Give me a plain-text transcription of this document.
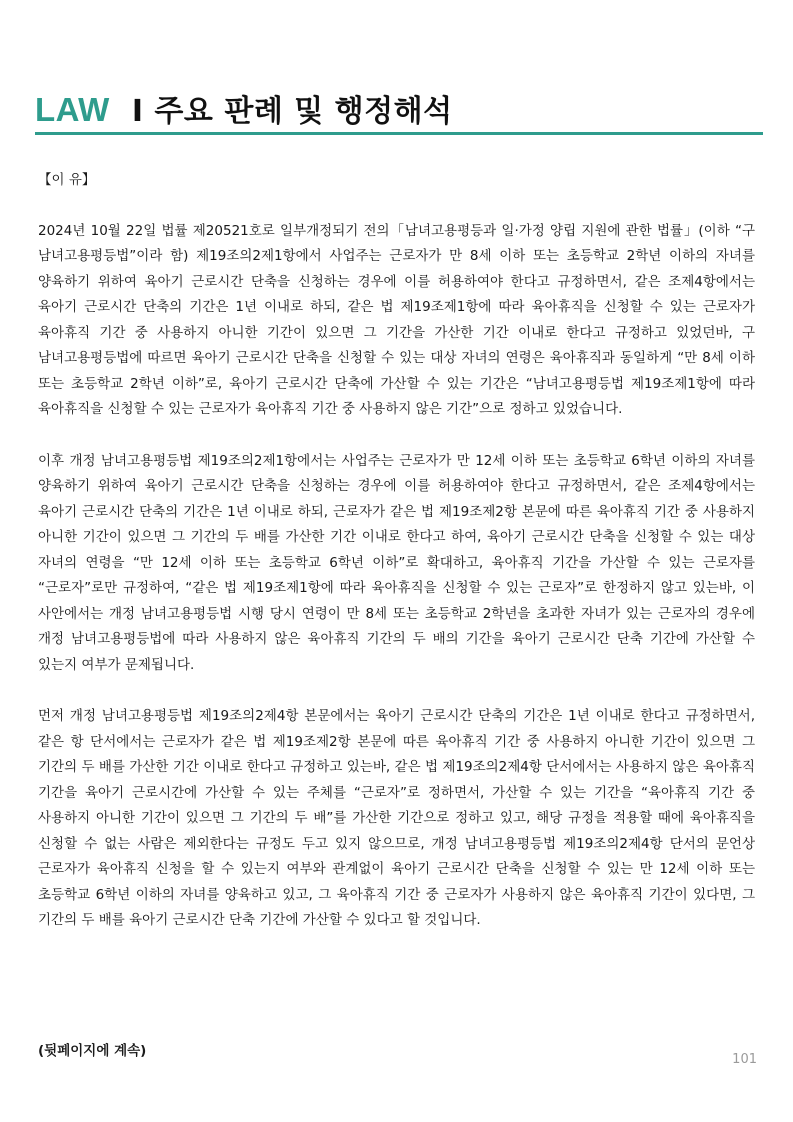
LAW I 주요 판례 및 행정해석

【이 유】

2024년 10월 22일 법률 제20521호로 일부개정되기 전의「남녀고용평등과 일·가정 양립 지원에 관한 법률」(이하 “구 남녀고용평등법”이라 함) 제19조의2제1항에서 사업주는 근로자가 만 8세 이하 또는 초등학교 2학년 이하의 자녀를 양육하기 위하여 육아기 근로시간 단축을 신청하는 경우에 이를 허용하여야 한다고 규정하면서, 같은 조제4항에서는 육아기 근로시간 단축의 기간은 1년 이내로 하되, 같은 법 제19조제1항에 따라 육아휴직을 신청할 수 있는 근로자가 육아휴직 기간 중 사용하지 아니한 기간이 있으면 그 기간을 가산한 기간 이내로 한다고 규정하고 있었던바, 구 남녀고용평등법에 따르면 육아기 근로시간 단축을 신청할 수 있는 대상 자녀의 연령은 육아휴직과 동일하게 “만 8세 이하 또는 초등학교 2학년 이하”로, 육아기 근로시간 단축에 가산할 수 있는 기간은 “남녀고용평등법 제19조제1항에 따라 육아휴직을 신청할 수 있는 근로자가 육아휴직 기간 중 사용하지 않은 기간”으로 정하고 있었습니다.

이후 개정 남녀고용평등법 제19조의2제1항에서는 사업주는 근로자가 만 12세 이하 또는 초등학교 6학년 이하의 자녀를 양육하기 위하여 육아기 근로시간 단축을 신청하는 경우에 이를 허용하여야 한다고 규정하면서, 같은 조제4항에서는 육아기 근로시간 단축의 기간은 1년 이내로 하되, 근로자가 같은 법 제19조제2항 본문에 따른 육아휴직 기간 중 사용하지 아니한 기간이 있으면 그 기간의 두 배를 가산한 기간 이내로 한다고 하여, 육아기 근로시간 단축을 신청할 수 있는 대상 자녀의 연령을 “만 12세 이하 또는 초등학교 6학년 이하”로 확대하고, 육아휴직 기간을 가산할 수 있는 근로자를 “근로자”로만 규정하여, “같은 법 제19조제1항에 따라 육아휴직을 신청할 수 있는 근로자”로 한정하지 않고 있는바, 이 사안에서는 개정 남녀고용평등법 시행 당시 연령이 만 8세 또는 초등학교 2학년을 초과한 자녀가 있는 근로자의 경우에 개정 남녀고용평등법에 따라 사용하지 않은 육아휴직 기간의 두 배의 기간을 육아기 근로시간 단축 기간에 가산할 수 있는지 여부가 문제됩니다.

먼저 개정 남녀고용평등법 제19조의2제4항 본문에서는 육아기 근로시간 단축의 기간은 1년 이내로 한다고 규정하면서, 같은 항 단서에서는 근로자가 같은 법 제19조제2항 본문에 따른 육아휴직 기간 중 사용하지 아니한 기간이 있으면 그 기간의 두 배를 가산한 기간 이내로 한다고 규정하고 있는바, 같은 법 제19조의2제4항 단서에서는 사용하지 않은 육아휴직 기간을 육아기 근로시간에 가산할 수 있는 주체를 “근로자”로 정하면서, 가산할 수 있는 기간을 “육아휴직 기간 중 사용하지 아니한 기간이 있으면 그 기간의 두 배”를 가산한 기간으로 정하고 있고, 해당 규정을 적용할 때에 육아휴직을 신청할 수 없는 사람은 제외한다는 규정도 두고 있지 않으므로, 개정 남녀고용평등법 제19조의2제4항 단서의 문언상 근로자가 육아휴직 신청을 할 수 있는지 여부와 관계없이 육아기 근로시간 단축을 신청할 수 있는 만 12세 이하 또는 초등학교 6학년 이하의 자녀를 양육하고 있고, 그 육아휴직 기간 중 근로자가 사용하지 않은 육아휴직 기간이 있다면, 그 기간의 두 배를 육아기 근로시간 단축 기간에 가산할 수 있다고 할 것입니다.

(뒷페이지에 계속)
101
